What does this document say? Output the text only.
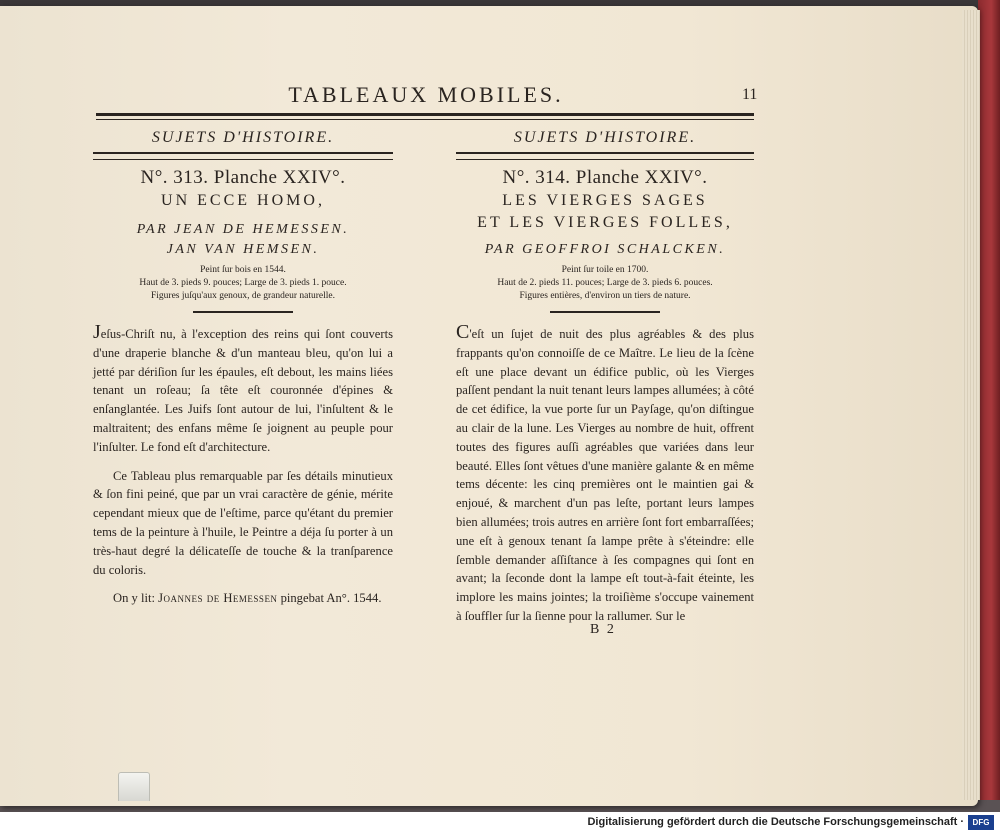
TABLEAUX MOBILES.	11
SUJETS D'HISTOIRE.
N°. 313. Planche XXIV°.
UN ECCE HOMO,
PAR JEAN DE HEMESSEN.
JAN VAN HEMSEN.
Peint ſur bois en 1544.
Haut de 3. pieds 9. pouces; Large de 3. pieds 1. pouce.
Figures juſqu'aux genoux, de grandeur naturelle.

Jeſus-Chriſt nu, à l'exception des reins qui ſont couverts d'une draperie blanche & d'un manteau bleu, qu'on lui a jetté par dériſion ſur les épaules, eſt debout, les mains liées tenant un roſeau; ſa tête eſt couronnée d'épines & enſanglantée. Les Juifs ſont autour de lui, l'inſultent & le maltraitent; des enfans même ſe joignent au peuple pour l'inſulter. Le fond eſt d'architecture.

Ce Tableau plus remarquable par ſes détails minutieux & ſon fini peiné, que par un vrai caractère de génie, mérite cependant mieux que de l'eſtime, parce qu'étant du premier tems de la peinture à l'huile, le Peintre a déja ſu porter à un très-haut degré la délicateſſe de touche & la tranſparence du coloris.

On y lit: Joannes de Hemessen pingebat An°. 1544.

SUJETS D'HISTOIRE.
N°. 314. Planche XXIV°.
LES VIERGES SAGES
ET LES VIERGES FOLLES,
PAR GEOFFROI SCHALCKEN.
Peint ſur toile en 1700.
Haut de 2. pieds 11. pouces; Large de 3. pieds 6. pouces.
Figures entières, d'environ un tiers de nature.

C'eſt un ſujet de nuit des plus agréables & des plus frappants qu'on connoiſſe de ce Maître. Le lieu de la ſcène eſt une place devant un édifice public, où les Vierges paſſent pendant la nuit tenant leurs lampes allumées; à côté de cet édifice, la vue porte ſur un Payſage, qu'on diſtingue au clair de la lune. Les Vierges au nombre de huit, offrent toutes des figures auſſi agréables que variées dans leur beauté. Elles ſont vêtues d'une manière galante & en même tems décente: les cinq premières ont le maintien gai & enjoué, & marchent d'un pas leſte, portant leurs lampes bien allumées; trois autres en arrière ſont fort embarraſſées; une eſt à genoux tenant ſa lampe prête à s'éteindre: elle ſemble demander aſſiſtance à ſes compagnes qui ſont en avant; la ſeconde dont la lampe eſt tout-à-fait éteinte, les implore les mains jointes; la troiſième s'occupe vainement à ſouffler ſur la ſienne pour la rallumer. Sur le

B 2
Digitalisierung gefördert durch die Deutsche Forschungsgemeinschaft ·	DFG
